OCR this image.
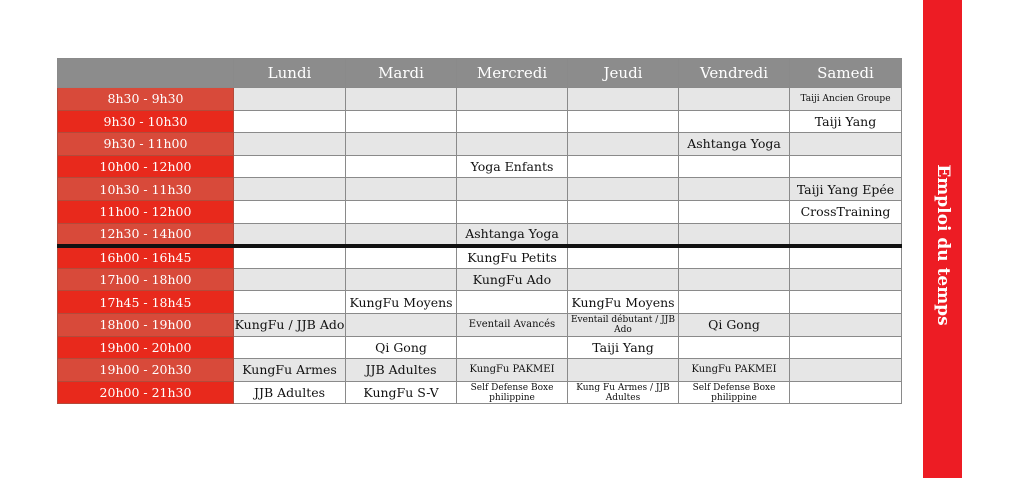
	Lundi	Mardi	Mercredi	Jeudi	Vendredi	Samedi
8h30 - 9h30						Taiji Ancien Groupe
9h30 - 10h30						Taiji Yang
9h30 - 11h00					Ashtanga Yoga	
10h00 - 12h00			Yoga Enfants			
10h30 - 11h30						Taiji Yang Epée
11h00 - 12h00						CrossTraining
12h30 - 14h00			Ashtanga Yoga			
16h00 - 16h45			KungFu Petits			
17h00 - 18h00			KungFu Ado			
17h45 - 18h45		KungFu Moyens		KungFu Moyens		
18h00 - 19h00	KungFu / JJB Ado		Eventail Avancés	Eventail débutant / JJB Ado	Qi Gong	
19h00 - 20h00		Qi Gong		Taiji Yang		
19h00 - 20h30	KungFu Armes	JJB Adultes	KungFu PAKMEI		KungFu PAKMEI	
20h00 - 21h30	JJB Adultes	KungFu S-V	Self Defense Boxe philippine	Kung Fu Armes / JJB Adultes	Self Defense Boxe philippine	
Emploi du temps
